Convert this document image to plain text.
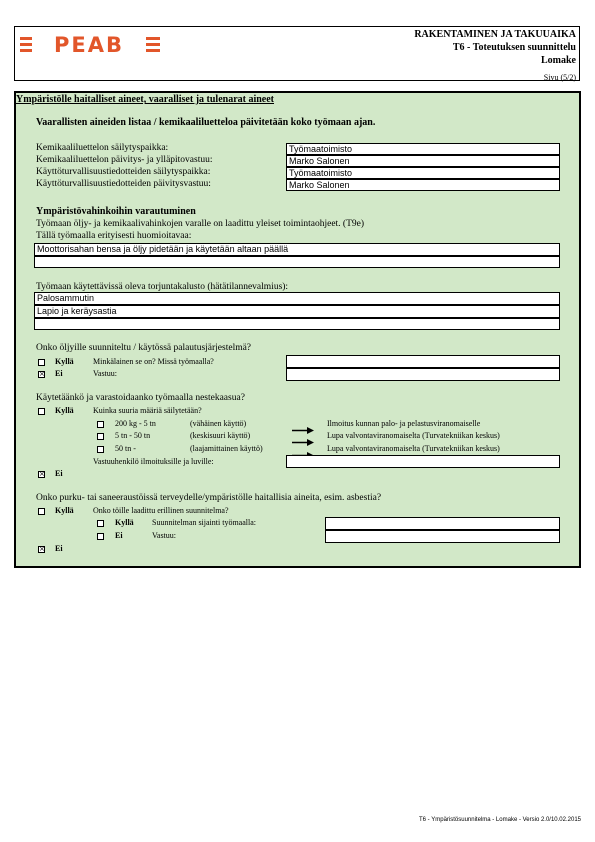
PEAB	RAKENTAMINEN JA TAKUUAIKA
T6 - Toteutuksen suunnittelu
Lomake
Sivu (5/2)
Ympäristölle haitalliset aineet, vaaralliset ja tulenarat aineet
Vaarallisten aineiden listaa / kemikaaliluetteloa päivitetään koko työmaan ajan.
Kemikaaliluettelon säilytyspaikka:	Työmaatoimisto
Kemikaaliluettelon päivitys- ja ylläpitovastuu:	Marko Salonen
Käyttöturvallisuustiedotteiden säilytyspaikka:	Työmaatoimisto
Käyttöturvallisuustiedotteiden päivitysvastuu:	Marko Salonen
Ympäristövahinkoihin varautuminen
Työmaan öljy- ja kemikaalivahinkojen varalle on laadittu yleiset toimintaohjeet. (T9e)
Tällä työmaalla erityisesti huomioitavaa:
Moottorisahan bensa ja öljy pidetään ja käytetään altaan päällä
Työmaan käytettävissä oleva torjuntakalusto (hätätilannevalmius):
Palosammutin
Lapio ja keräysastia
Onko öljyille suunniteltu / käytössä palautusjärjestelmä?
Kyllä Minkälainen se on? Missä työmaalla?
× Ei	Vastuu:
Käytetäänkö ja varastoidaanko työmaalla nestekaasua?
Kyllä Kuinka suuria määriä säilytetään?
200 kg - 5 tn	(vähäinen käyttö)	Ilmoitus kunnan palo- ja pelastusviranomaiselle
5 tn - 50 tn	(keskisuuri käyttö)	Lupa valvontaviranomaiselta (Turvatekniikan keskus)
50 tn -	(laajamittainen käyttö)	Lupa valvontaviranomaiselta (Turvatekniikan keskus)
Vastuuhenkilö ilmoituksille ja luville:
× Ei
Onko purku- tai saneeraustöissä terveydelle/ympäristölle haitallisia aineita, esim. asbestia?
Kyllä Onko töille laadittu erillinen suunnitelma?
Kyllä Suunnitelman sijainti työmaalla:
Ei	Vastuu:
× Ei
T6 - Ympäristösuunnitelma - Lomake - Versio 2.0/10.02.2015
